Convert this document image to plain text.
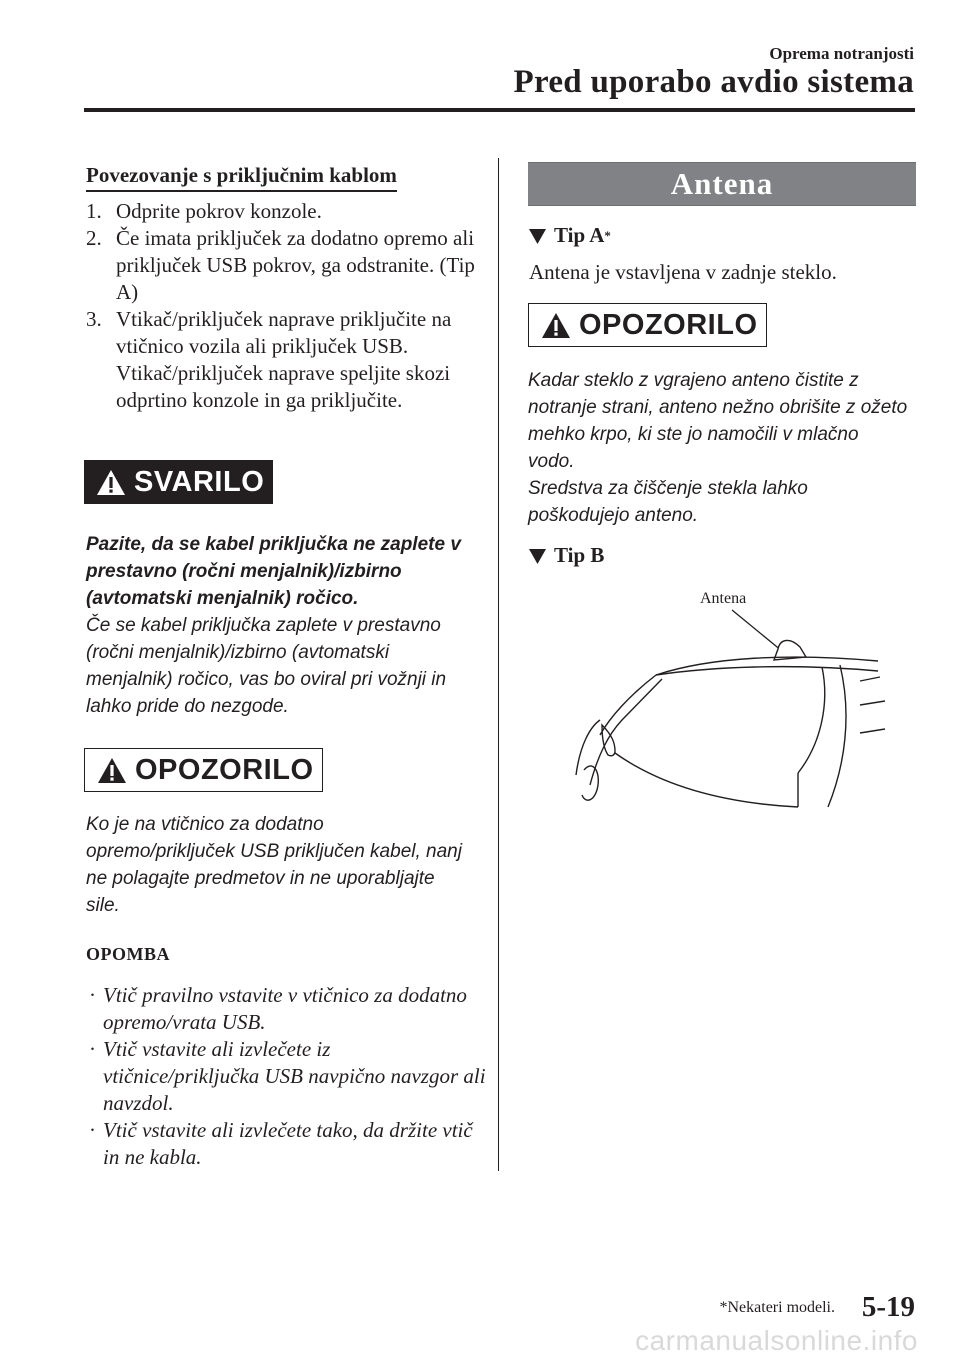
Oprema notranjosti
Pred uporabo avdio sistema
Povezovanje s priključnim kablom
1. Odprite pokrov konzole.
2. Če imata priključek za dodatno opremo ali priključek USB pokrov, ga odstranite. (Tip A)
3. Vtikač/priključek naprave priključite na vtičnico vozila ali priključek USB. Vtikač/priključek naprave speljite skozi odprtino konzole in ga priključite.
SVARILO
Pazite, da se kabel priključka ne zaplete v prestavno (ročni menjalnik)/izbirno (avtomatski menjalnik) ročico.
Če se kabel priključka zaplete v prestavno (ročni menjalnik)/izbirno (avtomatski menjalnik) ročico, vas bo oviral pri vožnji in lahko pride do nezgode.
OPOZORILO
Ko je na vtičnico za dodatno opremo/priključek USB priključen kabel, nanj ne polagajte predmetov in ne uporabljajte sile.
OPOMBA
· Vtič pravilno vstavite v vtičnico za dodatno opremo/vrata USB.
· Vtič vstavite ali izvlečete iz vtičnice/priključka USB navpično navzgor ali navzdol.
· Vtič vstavite ali izvlečete tako, da držite vtič in ne kabla.
Antena
Tip A *
Antena je vstavljena v zadnje steklo.
OPOZORILO
Kadar steklo z vgrajeno anteno čistite z notranje strani, anteno nežno obrišite z ožeto mehko krpo, ki ste jo namočili v mlačno vodo.
Sredstva za čiščenje stekla lahko poškodujejo anteno.
Tip B
Antena
*Nekateri modeli. 5-19
carmanualsonline.info
